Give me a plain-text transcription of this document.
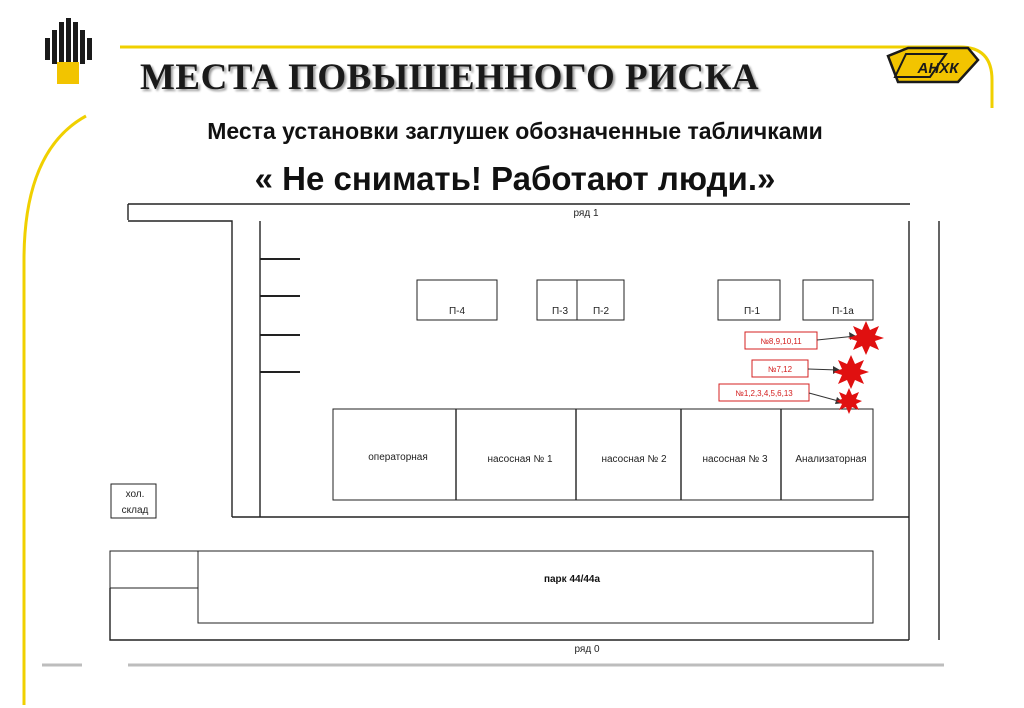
АНХК
МЕСТА ПОВЫШЕННОГО РИСКА
Места установки заглушек обозначенные табличками
« Не снимать! Работают люди.»
ряд 1
П-4	П-3 П-2	П-1	П-1а
операторная	насосная № 1	насосная № 2	насосная № 3	Анализаторная
хол.
склад
парк 44/44а
ряд 0
№8,9,10,11
№7,12
№1,2,3,4,5,6,13
